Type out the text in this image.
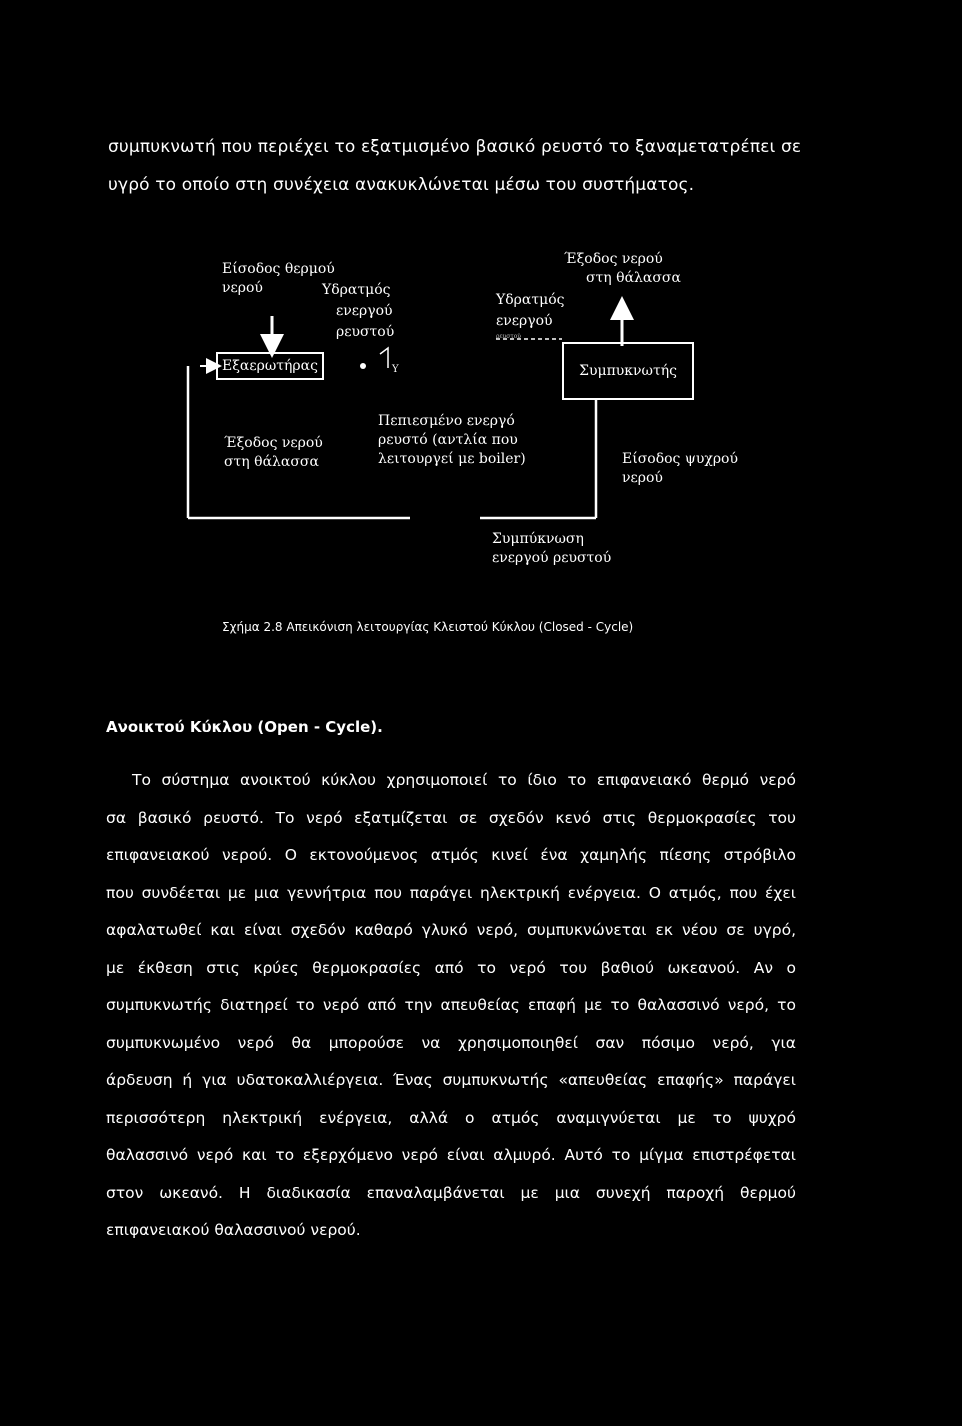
συμπυκνωτή που περιέχει το εξατμισμένο βασικό ρευστό το ξαναμετατρέπει σε
υγρό το οποίο στη συνέχεια ανακυκλώνεται μέσω του συστήματος.
Είσοδος θερμού
νερού	Υδρατμός
ενεργού
ρευστού
Υδρατμός
ενεργού
ρευστού
Έξοδος νερού
στη θάλασσα
Εξαερωτήρας	Y	Συμπυκνωτής
Έξοδος νερού
στη θάλασσα
Πεπιεσμένο ενεργό
ρευστό (αντλία που
λειτουργεί με boiler)	Είσοδος ψυχρού
νερού
Συμπύκνωση
ενεργού ρευστού
Σχήμα 2.8 Απεικόνιση λειτουργίας Κλειστού Κύκλου (Closed - Cycle)
Ανοικτού Κύκλου (Open - Cycle).
Το σύστημα ανοικτού κύκλου χρησιμοποιεί το ίδιο το επιφανειακό θερμό νερό
σα βασικό ρευστό. Το νερό εξατμίζεται σε σχεδόν κενό στις θερμοκρασίες του
επιφανειακού νερού. Ο εκτονούμενος ατμός κινεί ένα χαμηλής πίεσης στρόβιλο
που συνδέεται με μια γεννήτρια που παράγει ηλεκτρική ενέργεια. Ο ατμός, που έχει
αφαλατωθεί και είναι σχεδόν καθαρό γλυκό νερό, συμπυκνώνεται εκ νέου σε υγρό,
με έκθεση στις κρύες θερμοκρασίες από το νερό του βαθιού ωκεανού. Αν ο
συμπυκνωτής διατηρεί το νερό από την απευθείας επαφή με το θαλασσινό νερό, το
συμπυκνωμένο νερό θα μπορούσε να χρησιμοποιηθεί σαν πόσιμο νερό, για
άρδευση ή για υδατοκαλλιέργεια. Ένας συμπυκνωτής «απευθείας επαφής» παράγει
περισσότερη ηλεκτρική ενέργεια, αλλά ο ατμός αναμιγνύεται με το ψυχρό
θαλασσινό νερό και το εξερχόμενο νερό είναι αλμυρό. Αυτό το μίγμα επιστρέφεται
στον ωκεανό. Η διαδικασία επαναλαμβάνεται με μια συνεχή παροχή θερμού
επιφανειακού θαλασσινού νερού.
